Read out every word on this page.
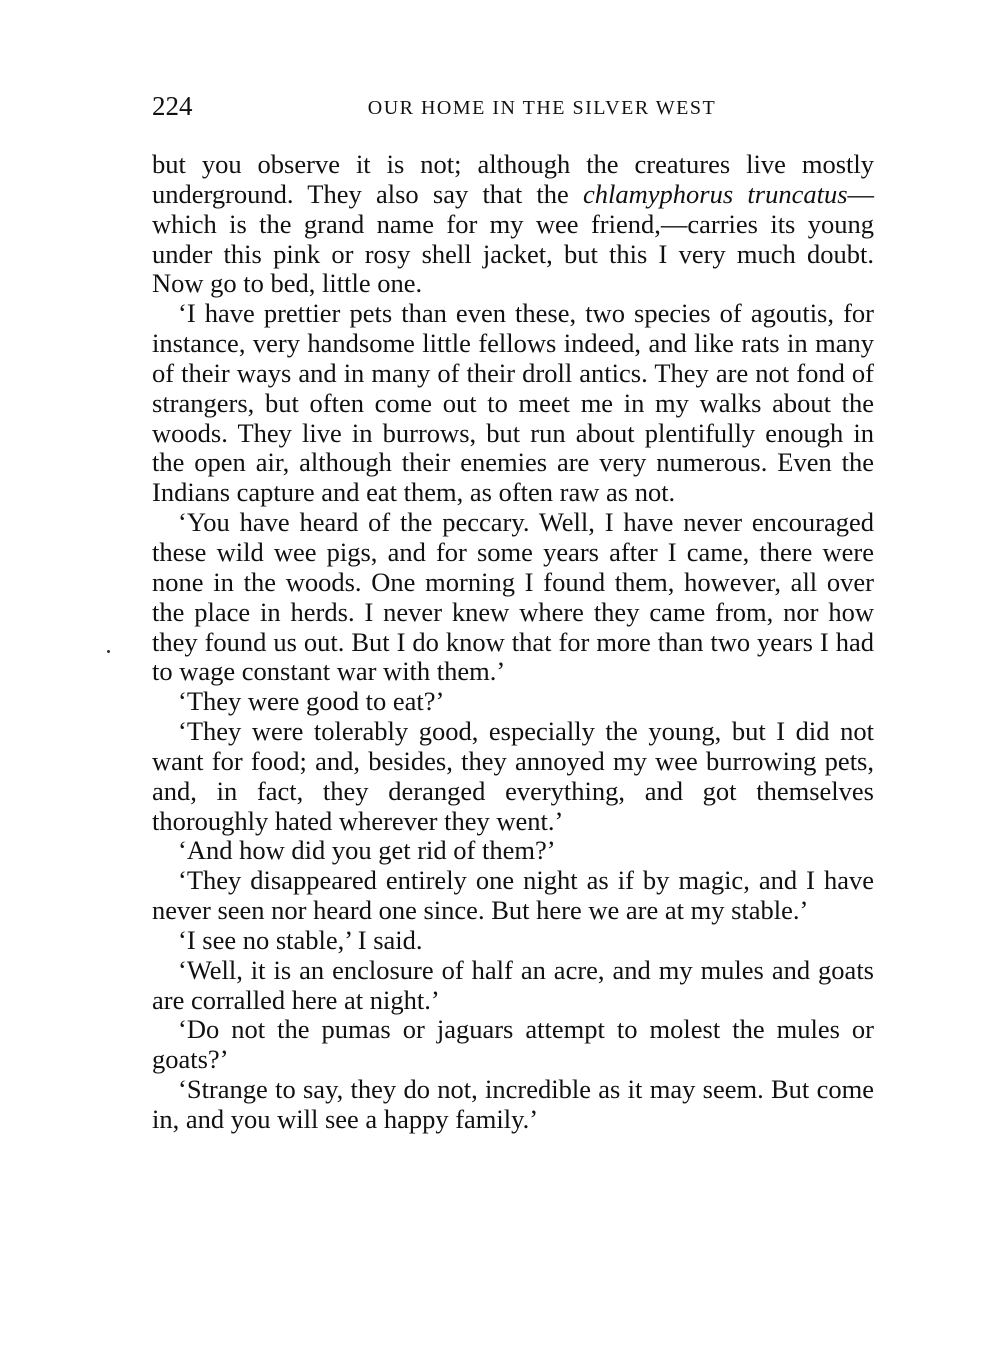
224	OUR HOME IN THE SILVER WEST

but you observe it is not; although the creatures live mostly underground. They also say that the chlamyphorus truncatus—which is the grand name for my wee friend,—carries its young under this pink or rosy shell jacket, but this I very much doubt. Now go to bed, little one.

‘I have prettier pets than even these, two species of agoutis, for instance, very handsome little fellows indeed, and like rats in many of their ways and in many of their droll antics. They are not fond of strangers, but often come out to meet me in my walks about the woods. They live in burrows, but run about plentifully enough in the open air, although their enemies are very numerous. Even the Indians capture and eat them, as often raw as not.

‘You have heard of the peccary. Well, I have never encouraged these wild wee pigs, and for some years after I came, there were none in the woods. One morning I found them, however, all over the place in herds. I never knew where they came from, nor how they found us out. But I do know that for more than two years I had to wage constant war with them.’

‘They were good to eat?’

‘They were tolerably good, especially the young, but I did not want for food; and, besides, they annoyed my wee burrowing pets, and, in fact, they deranged everything, and got themselves thoroughly hated wherever they went.’

‘And how did you get rid of them?’

‘They disappeared entirely one night as if by magic, and I have never seen nor heard one since. But here we are at my stable.’

‘I see no stable,’ I said.

‘Well, it is an enclosure of half an acre, and my mules and goats are corralled here at night.’

‘Do not the pumas or jaguars attempt to molest the mules or goats?’

‘Strange to say, they do not, incredible as it may seem. But come in, and you will see a happy family.’
